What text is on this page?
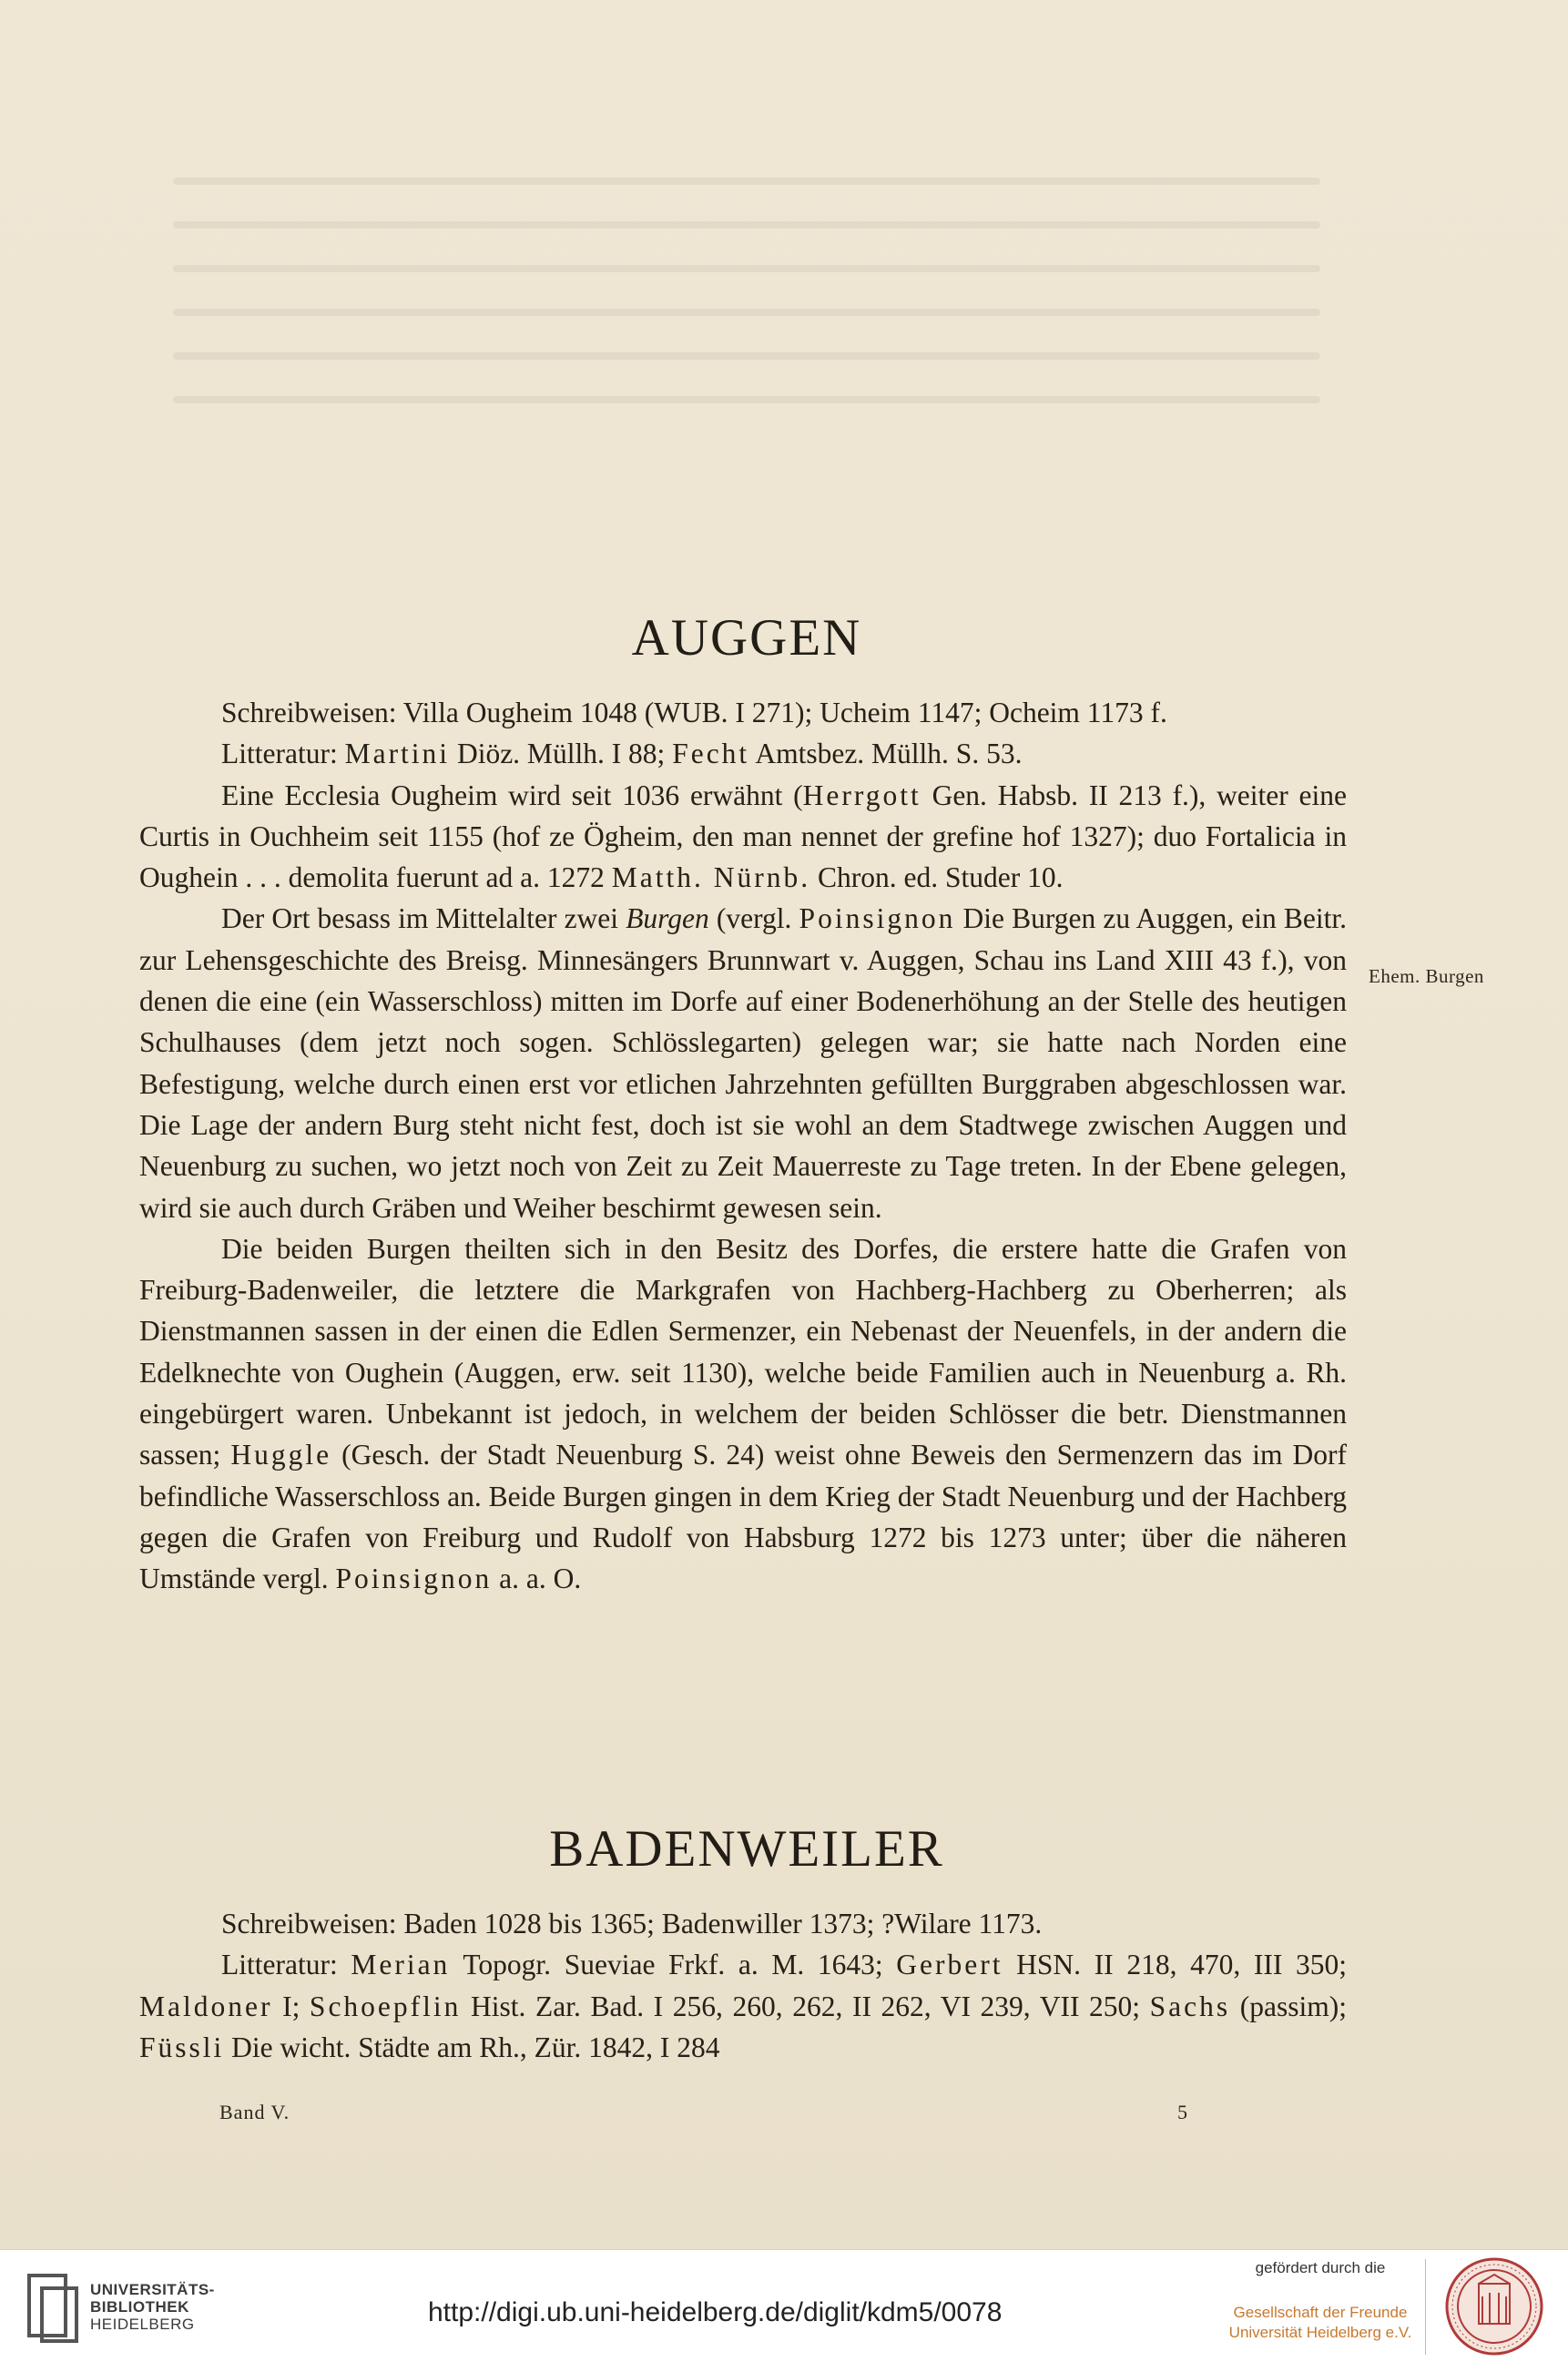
AUGGEN

Schreibweisen: Villa Ougheim 1048 (WUB. I 271); Ucheim 1147; Ocheim 1173 f.

Litteratur: Martini Diöz. Müllh. I 88; Fecht Amtsbez. Müllh. S. 53.

Eine Ecclesia Ougheim wird seit 1036 erwähnt (Herrgott Gen. Habsb. II 213 f.), weiter eine Curtis in Ouchheim seit 1155 (hof ze Ögheim, den man nennet der grefine hof 1327); duo Fortalicia in Oughein . . . demolita fuerunt ad a. 1272 Matth. Nürnb. Chron. ed. Studer 10.

Der Ort besass im Mittelalter zwei Burgen (vergl. Poinsignon Die Burgen zu Auggen, ein Beitr. zur Lehensgeschichte des Breisg. Minnesängers Brunnwart v. Auggen, Schau ins Land XIII 43 f.), von denen die eine (ein Wasserschloss) mitten im Dorfe auf einer Bodenerhöhung an der Stelle des heutigen Schulhauses (dem jetzt noch sogen. Schlösslegarten) gelegen war; sie hatte nach Norden eine Befestigung, welche durch einen erst vor etlichen Jahrzehnten gefüllten Burggraben abgeschlossen war. Die Lage der andern Burg steht nicht fest, doch ist sie wohl an dem Stadtwege zwischen Auggen und Neuenburg zu suchen, wo jetzt noch von Zeit zu Zeit Mauerreste zu Tage treten. In der Ebene gelegen, wird sie auch durch Gräben und Weiher beschirmt gewesen sein.

Die beiden Burgen theilten sich in den Besitz des Dorfes, die erstere hatte die Grafen von Freiburg-Badenweiler, die letztere die Markgrafen von Hachberg-Hachberg zu Oberherren; als Dienstmannen sassen in der einen die Edlen Sermenzer, ein Nebenast der Neuenfels, in der andern die Edelknechte von Oughein (Auggen, erw. seit 1130), welche beide Familien auch in Neuenburg a. Rh. eingebürgert waren. Unbekannt ist jedoch, in welchem der beiden Schlösser die betr. Dienstmannen sassen; Huggle (Gesch. der Stadt Neuenburg S. 24) weist ohne Beweis den Sermenzern das im Dorf befindliche Wasserschloss an. Beide Burgen gingen in dem Krieg der Stadt Neuenburg und der Hachberg gegen die Grafen von Freiburg und Rudolf von Habsburg 1272 bis 1273 unter; über die näheren Umstände vergl. Poinsignon a. a. O.

Ehem. Burgen
BADENWEILER

Schreibweisen: Baden 1028 bis 1365; Badenwiller 1373; ?Wilare 1173.

Litteratur: Merian Topogr. Sueviae Frkf. a. M. 1643; Gerbert HSN. II 218, 470, III 350; Maldoner I; Schoepflin Hist. Zar. Bad. I 256, 260, 262, II 262, VI 239, VII 250; Sachs (passim); Füssli Die wicht. Städte am Rh., Zür. 1842, I 284

Band V.	5
UNIVERSITÄTS-
BIBLIOTHEK
HEIDELBERG	http://digi.ub.uni-heidelberg.de/diglit/kdm5/0078
gefördert durch die
Gesellschaft der Freunde
Universität Heidelberg e.V.
